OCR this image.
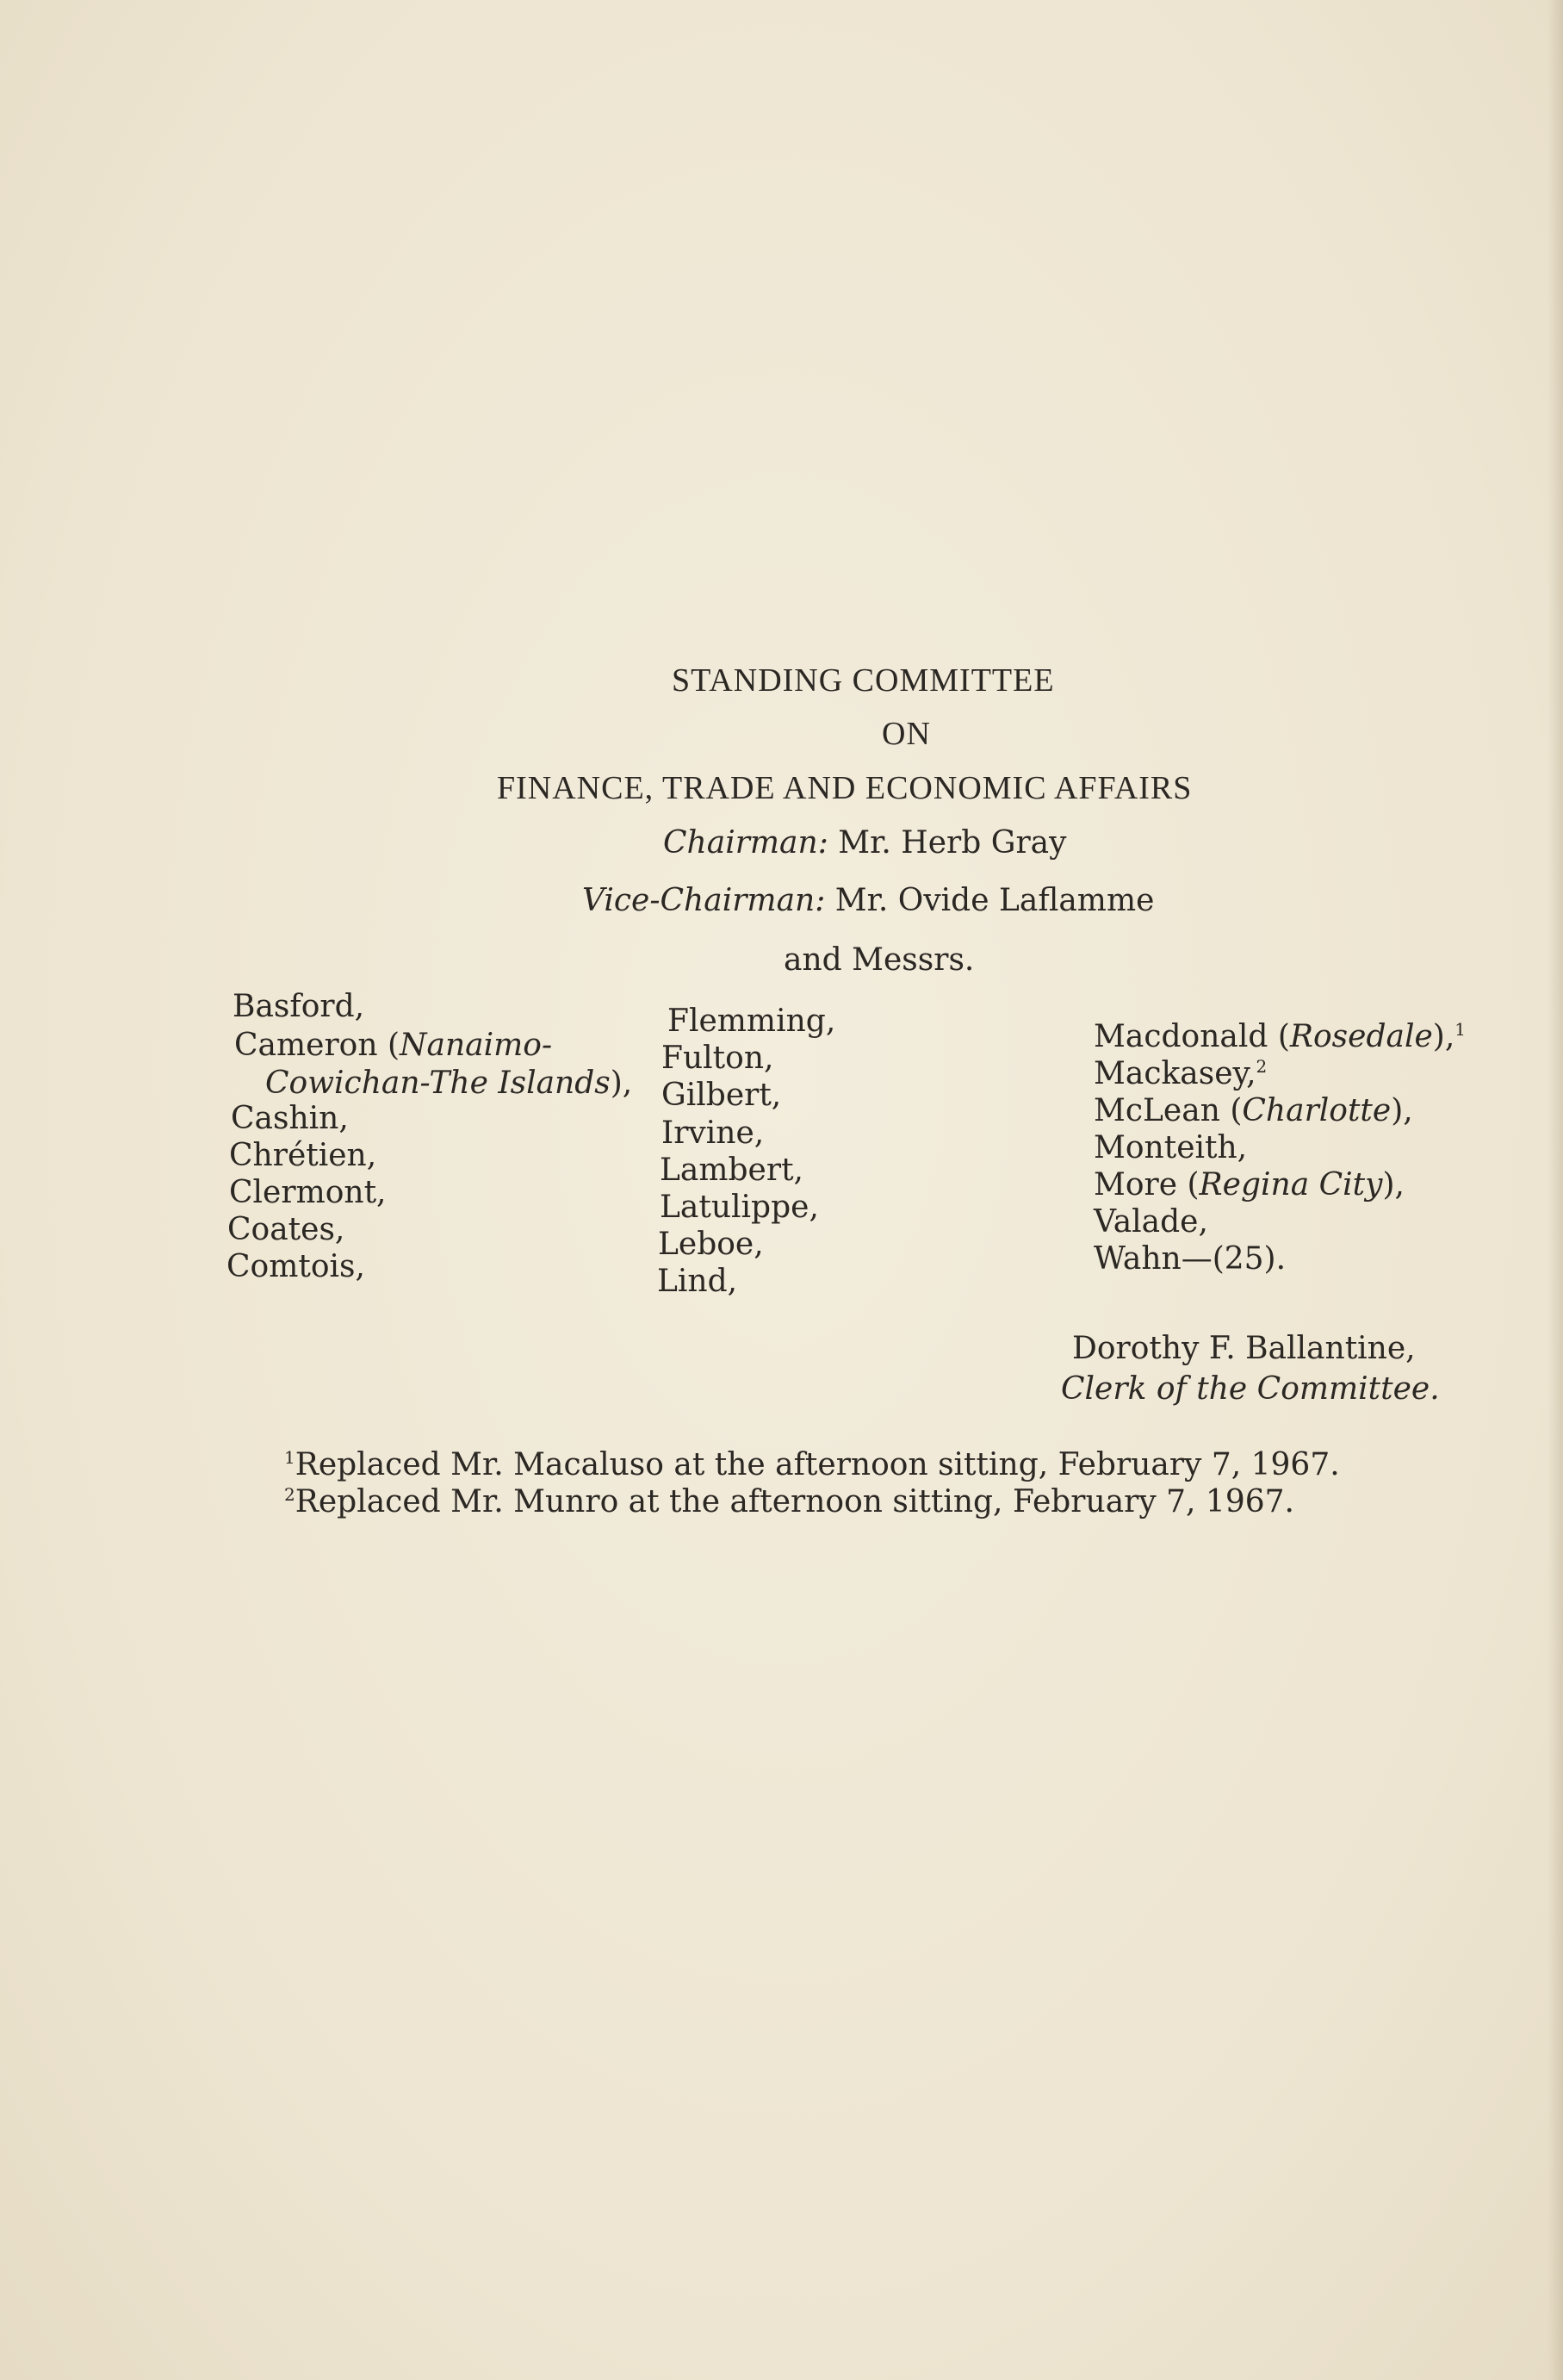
STANDING COMMITTEE
ON
FINANCE, TRADE AND ECONOMIC AFFAIRS
Chairman: Mr. Herb Gray
Vice-Chairman: Mr. Ovide Laflamme
and Messrs.
Basford,
Cameron (Nanaimo-
Cowichan-The Islands),
Cashin,
Chrétien,
Clermont,
Coates,
Comtois,
Flemming,
Fulton,
Gilbert,
Irvine,
Lambert,
Latulippe,
Leboe,
Lind,
Macdonald (Rosedale),$^1$
Mackasey,$^2$
McLean (Charlotte),
Monteith,
More (Regina City),
Valade,
Wahn—(25).
Dorothy F. Ballantine,
Clerk of the Committee.
$^1$Replaced Mr. Macaluso at the afternoon sitting, February 7, 1967.
$^2$Replaced Mr. Munro at the afternoon sitting, February 7, 1967.
